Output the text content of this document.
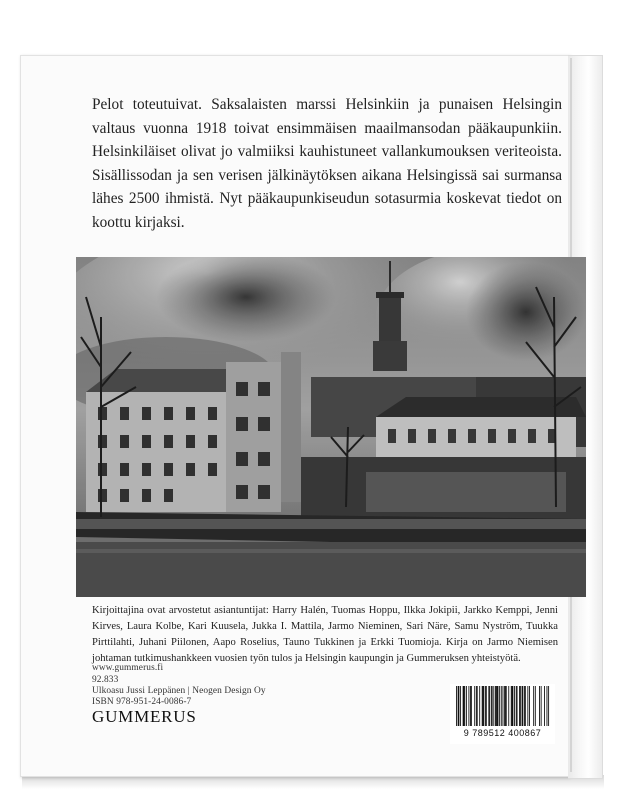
Pelot toteutuivat. Saksalaisten marssi Helsinkiin ja punaisen Helsingin valtaus vuonna 1918 toivat ensimmäisen maailmansodan pääkaupunkiin. Helsinkiläiset olivat jo valmiiksi kauhistuneet vallankumouksen veriteoista. Sisällissodan ja sen verisen jälkinäytöksen aikana Helsingissä sai surmansa lähes 2500 ihmistä. Nyt pääkaupunkiseudun sotasurmia koskevat tiedot on koottu kirjaksi.
Kirjoittajina ovat arvostetut asiantuntijat: Harry Halén, Tuomas Hoppu, Ilkka Jokipii, Jarkko Kemppi, Jenni Kirves, Laura Kolbe, Kari Kuusela, Jukka I. Mattila, Jarmo Nieminen, Sari Näre, Samu Nyström, Tuukka Pirttilahti, Juhani Piilonen, Aapo Roselius, Tauno Tukkinen ja Erkki Tuomioja. Kirja on Jarmo Niemisen johtaman tutkimushankkeen vuosien työn tulos ja Helsingin kaupungin ja Gummeruksen yhteistyötä.
www.gummerus.fi
92.833
Ulkoasu Jussi Leppänen | Neogen Design Oy
ISBN 978-951-24-0086-7
GUMMERUS
9 789512 400867
